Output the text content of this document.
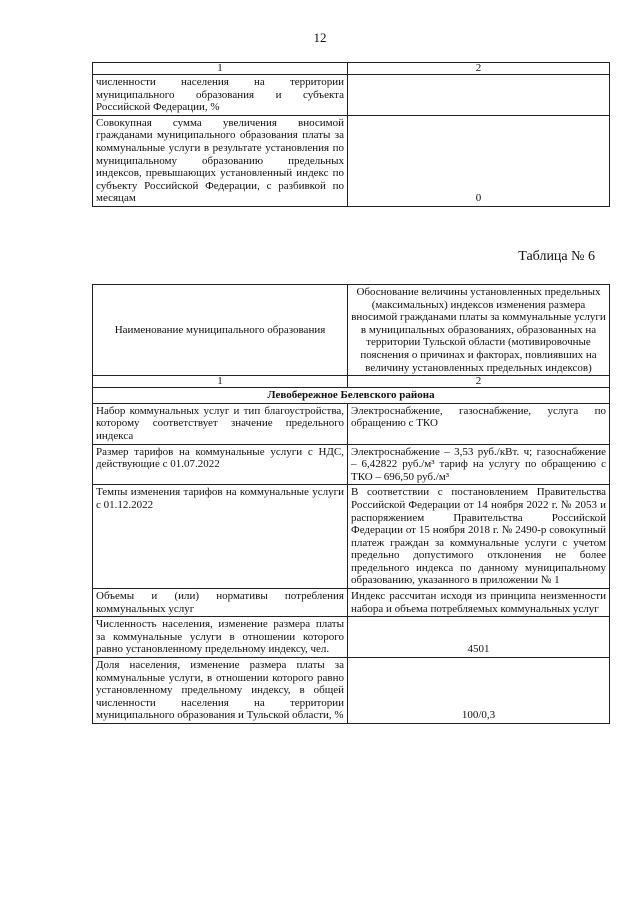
12
1	2
численности населения на территории муниципального образования и субъекта Российской Федерации, %	
Совокупная сумма увеличения вносимой гражданами муниципального образования платы за коммунальные услуги в результате установления по муниципальному образованию предельных индексов, превышающих установленный индекс по субъекту Российской Федерации, с разбивкой по месяцам	0
Таблица № 6
Наименование муниципального образования	Обоснование величины установленных предельных (максимальных) индексов изменения размера вносимой гражданами платы за коммунальные услуги в муниципальных образованиях, образованных на территории Тульской области (мотивировочные пояснения о причинах и факторах, повлиявших на величину установленных предельных индексов)
1	2
Левобережное Белевского района	
Набор коммунальных услуг и тип благоустройства, которому соответствует значение предельного индекса	Электроснабжение, газоснабжение, услуга по обращению с ТКО
Размер тарифов на коммунальные услуги с НДС, действующие с 01.07.2022	Электроснабжение – 3,53 руб./кВт. ч; газоснабжение – 6,42822 руб./м³ тариф на услугу по обращению с ТКО – 696,50 руб./м³
Темпы изменения тарифов на коммунальные услуги с 01.12.2022	В соответствии с постановлением Правительства Российской Федерации от 14 ноября 2022 г. № 2053 и распоряжением Правительства Российской Федерации от 15 ноября 2018 г. № 2490-р совокупный платеж граждан за коммунальные услуги с учетом предельно допустимого отклонения не более предельного индекса по данному муниципальному образованию, указанного в приложении № 1
Объемы и (или) нормативы потребления коммунальных услуг	Индекс рассчитан исходя из принципа неизменности набора и объема потребляемых коммунальных услуг
Численность населения, изменение размера платы за коммунальные услуги в отношении которого равно установленному предельному индексу, чел.	4501
Доля населения, изменение размера платы за коммунальные услуги, в отношении которого равно установленному предельному индексу, в общей численности населения на территории муниципального образования и Тульской области, %	100/0,3
